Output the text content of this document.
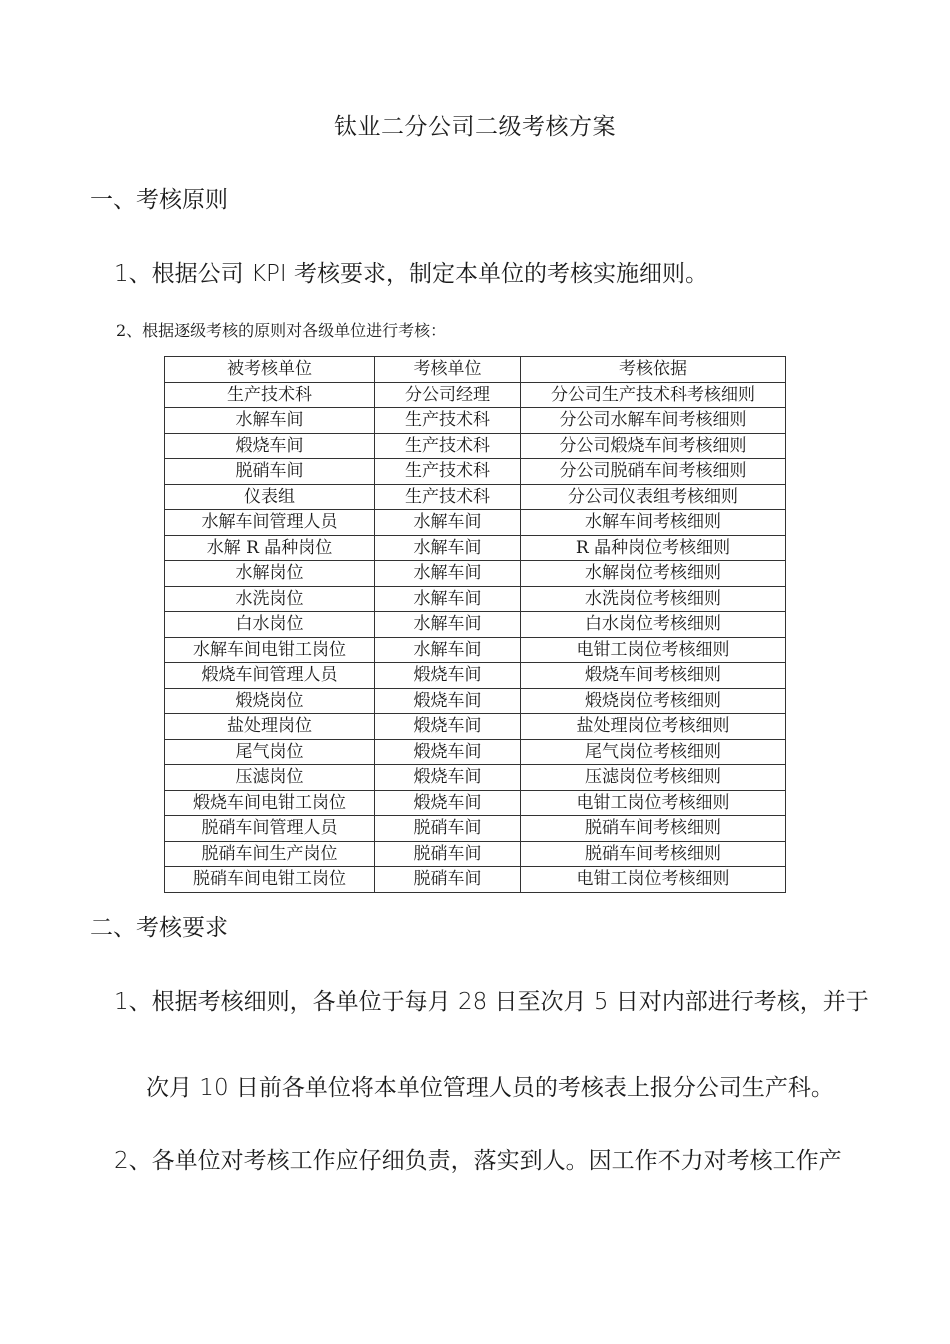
钛业二分公司二级考核方案
一、考核原则
1、根据公司 KPI 考核要求，制定本单位的考核实施细则。
2、根据逐级考核的原则对各级单位进行考核：
被考核单位	考核单位	考核依据
生产技术科	分公司经理	分公司生产技术科考核细则
水解车间	生产技术科	分公司水解车间考核细则
煅烧车间	生产技术科	分公司煅烧车间考核细则
脱硝车间	生产技术科	分公司脱硝车间考核细则
仪表组	生产技术科	分公司仪表组考核细则
水解车间管理人员	水解车间	水解车间考核细则
水解 R 晶种岗位	水解车间	R 晶种岗位考核细则
水解岗位	水解车间	水解岗位考核细则
水洗岗位	水解车间	水洗岗位考核细则
白水岗位	水解车间	白水岗位考核细则
水解车间电钳工岗位	水解车间	电钳工岗位考核细则
煅烧车间管理人员	煅烧车间	煅烧车间考核细则
煅烧岗位	煅烧车间	煅烧岗位考核细则
盐处理岗位	煅烧车间	盐处理岗位考核细则
尾气岗位	煅烧车间	尾气岗位考核细则
压滤岗位	煅烧车间	压滤岗位考核细则
煅烧车间电钳工岗位	煅烧车间	电钳工岗位考核细则
脱硝车间管理人员	脱硝车间	脱硝车间考核细则
脱硝车间生产岗位	脱硝车间	脱硝车间考核细则
脱硝车间电钳工岗位	脱硝车间	电钳工岗位考核细则
二、考核要求
1、根据考核细则，各单位于每月 28 日至次月 5 日对内部进行考核，并于
次月 10 日前各单位将本单位管理人员的考核表上报分公司生产科。
2、各单位对考核工作应仔细负责，落实到人。因工作不力对考核工作产
